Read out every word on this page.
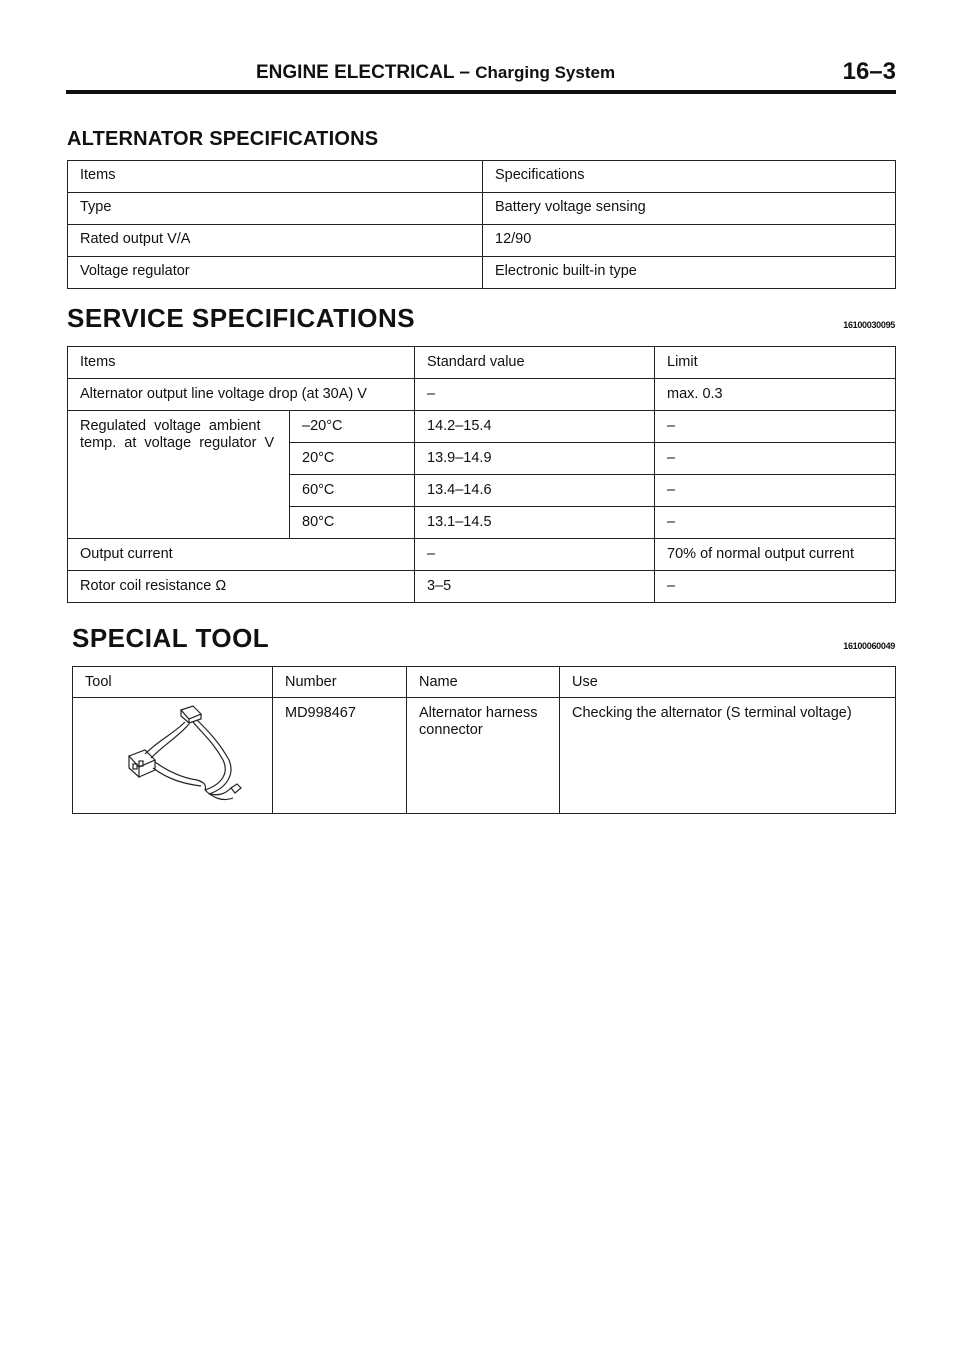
ENGINE ELECTRICAL – Charging System	16–3
ALTERNATOR SPECIFICATIONS
Items	Specifications
Type	Battery voltage sensing
Rated output V/A	12/90
Voltage regulator	Electronic built-in type
SERVICE SPECIFICATIONS	16100030095
Items		Standard value	Limit
Alternator output line voltage drop (at 30A) V		–	max. 0.3
Regulated voltage ambient temp. at voltage regulator V	–20°C	14.2–15.4	–
	20°C	13.9–14.9	–
	60°C	13.4–14.6	–
	80°C	13.1–14.5	–
Output current		–	70% of normal output current
Rotor coil resistance Ω		3–5	–
SPECIAL TOOL	16100060049
Tool	Number	Name	Use
	MD998467	Alternator harness connector	Checking the alternator (S terminal voltage)
